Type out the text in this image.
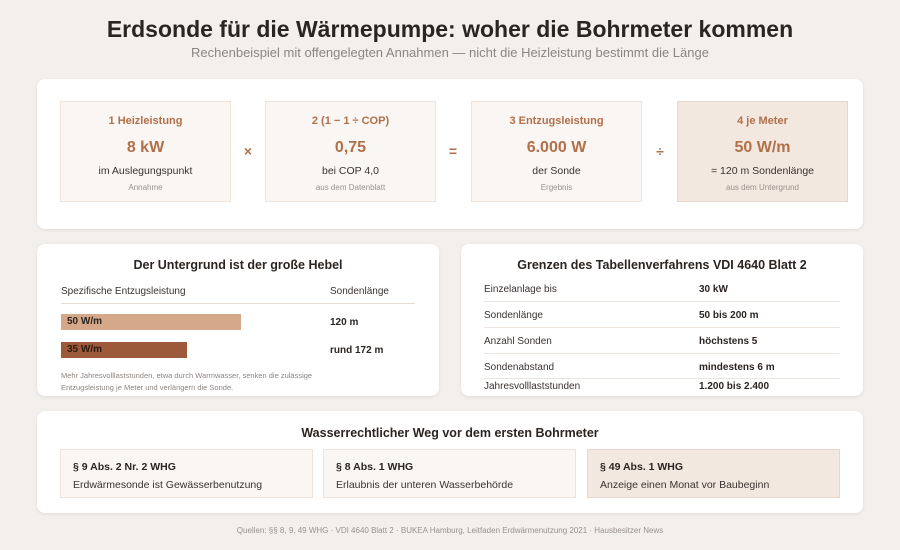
Erdsonde für die Wärmepumpe: woher die Bohrmeter kommen
Rechenbeispiel mit offengelegten Annahmen — nicht die Heizleistung bestimmt die Länge
1 Heizleistung
8 kW
im Auslegungspunkt
Annahme
×
2 (1 − 1 ÷ COP)
0,75
bei COP 4,0
aus dem Datenblatt
=
3 Entzugsleistung
6.000 W
der Sonde
Ergebnis
÷
4 je Meter
50 W/m
= 120 m Sondenlänge
aus dem Untergrund
Der Untergrund ist der große Hebel
Spezifische Entzugsleistung	Sondenlänge
50 W/m	120 m
35 W/m	rund 172 m
Mehr Jahresvolllaststunden, etwa durch Warmwasser, senken die zulässige Entzugsleistung je Meter und verlängern die Sonde.
Grenzen des Tabellenverfahrens VDI 4640 Blatt 2
Einzelanlage bis	30 kW
Sondenlänge	50 bis 200 m
Anzahl Sonden	höchstens 5
Sondenabstand	mindestens 6 m
Jahresvolllaststunden	1.200 bis 2.400
Wasserrechtlicher Weg vor dem ersten Bohrmeter
§ 9 Abs. 2 Nr. 2 WHG
Erdwärmesonde ist Gewässerbenutzung
§ 8 Abs. 1 WHG
Erlaubnis der unteren Wasserbehörde
§ 49 Abs. 1 WHG
Anzeige einen Monat vor Baubeginn
Quellen: §§ 8, 9, 49 WHG · VDI 4640 Blatt 2 · BUKEA Hamburg, Leitfaden Erdwärmenutzung 2021 · Hausbesitzer News
